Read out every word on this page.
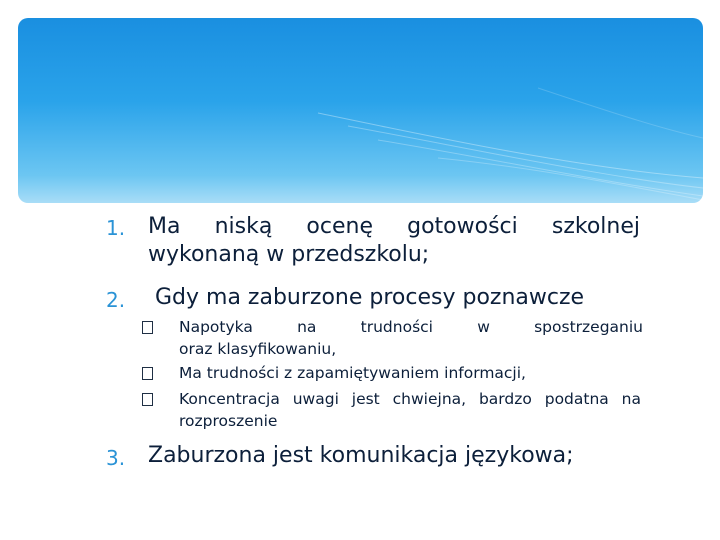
1. Ma niską ocenę gotowości szkolnej
wykonaną w przedszkolu;
2. Gdy ma zaburzone procesy poznawcze
Napotyka na trudności w spostrzeganiu
oraz klasyfikowaniu,
Ma trudności z zapamiętywaniem informacji,
Koncentracja uwagi jest chwiejna, bardzo podatna na
rozproszenie
3. Zaburzona jest komunikacja językowa;
